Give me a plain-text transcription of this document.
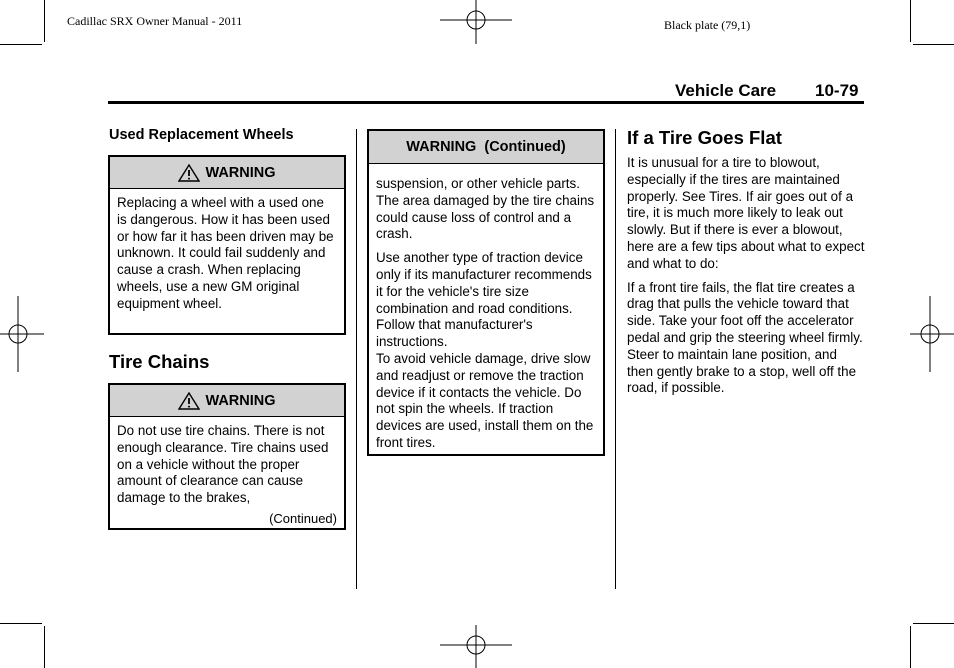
Cadillac SRX Owner Manual - 2011	Black plate (79,1)
Vehicle Care 10-79
Used Replacement Wheels
WARNING

Replacing a wheel with a used one is dangerous. How it has been used or how far it has been driven may be unknown. It could fail suddenly and cause a crash. When replacing wheels, use a new GM original equipment wheel.

Tire Chains
WARNING

Do not use tire chains. There is not enough clearance. Tire chains used on a vehicle without the proper amount of clearance can cause damage to the brakes,

(Continued)
WARNING  (Continued)

suspension, or other vehicle parts. The area damaged by the tire chains could cause loss of control and a crash.

Use another type of traction device only if its manufacturer recommends it for the vehicle's tire size combination and road conditions. Follow that manufacturer's instructions.

To avoid vehicle damage, drive slow and readjust or remove the traction device if it contacts the vehicle. Do not spin the wheels. If traction devices are used, install them on the front tires.

If a Tire Goes Flat

It is unusual for a tire to blowout, especially if the tires are maintained properly. See Tires. If air goes out of a tire, it is much more likely to leak out slowly. But if there is ever a blowout, here are a few tips about what to expect and what to do:

If a front tire fails, the flat tire creates a drag that pulls the vehicle toward that side. Take your foot off the accelerator pedal and grip the steering wheel firmly. Steer to maintain lane position, and then gently brake to a stop, well off the road, if possible.
